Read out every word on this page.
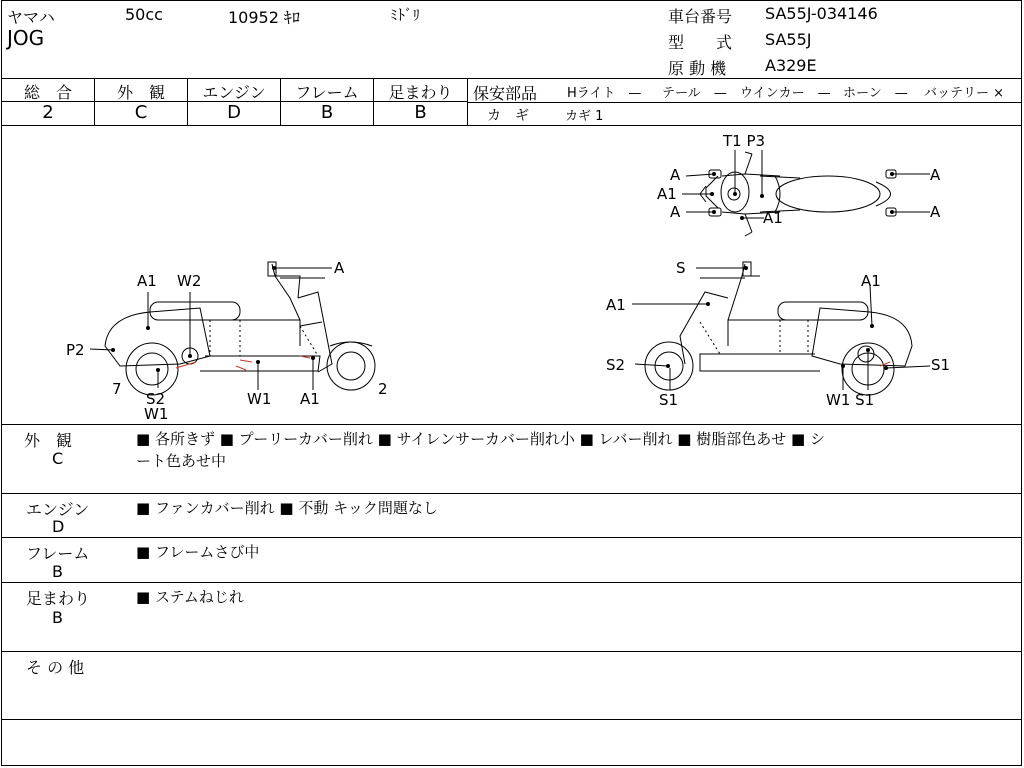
ヤマハ	50cc	10952 ｷﾛ	ﾐﾄﾞﾘ
JOG
車台番号 SA55J-034146
型　　式 SA55J
原 動 機 A329E
総　合	外　観	エンジン	フレーム	足まわり
2	C	D	B	B
保安部品 Hライト　— テール　— ウインカー　— ホーン　— バッテリー ×
カ　ギ	カギ 1
A1 W2
A
P2
7
S2
W1
W1 A1
2
S
A1
A1
S2
S1	W1 S1
S1
T1 P3
A
A1
A
A
A
A1
外　観
C
■ 各所きず ■ プーリーカバー削れ ■ サイレンサーカバー削れ小 ■ レバー削れ ■ 樹脂部色あせ ■ シ
ート色あせ中
エンジン
D
■ ファンカバー削れ ■ 不動 キック問題なし
フレーム
B
■ フレームさび中
足まわり
B
■ ステムねじれ
そ の 他
